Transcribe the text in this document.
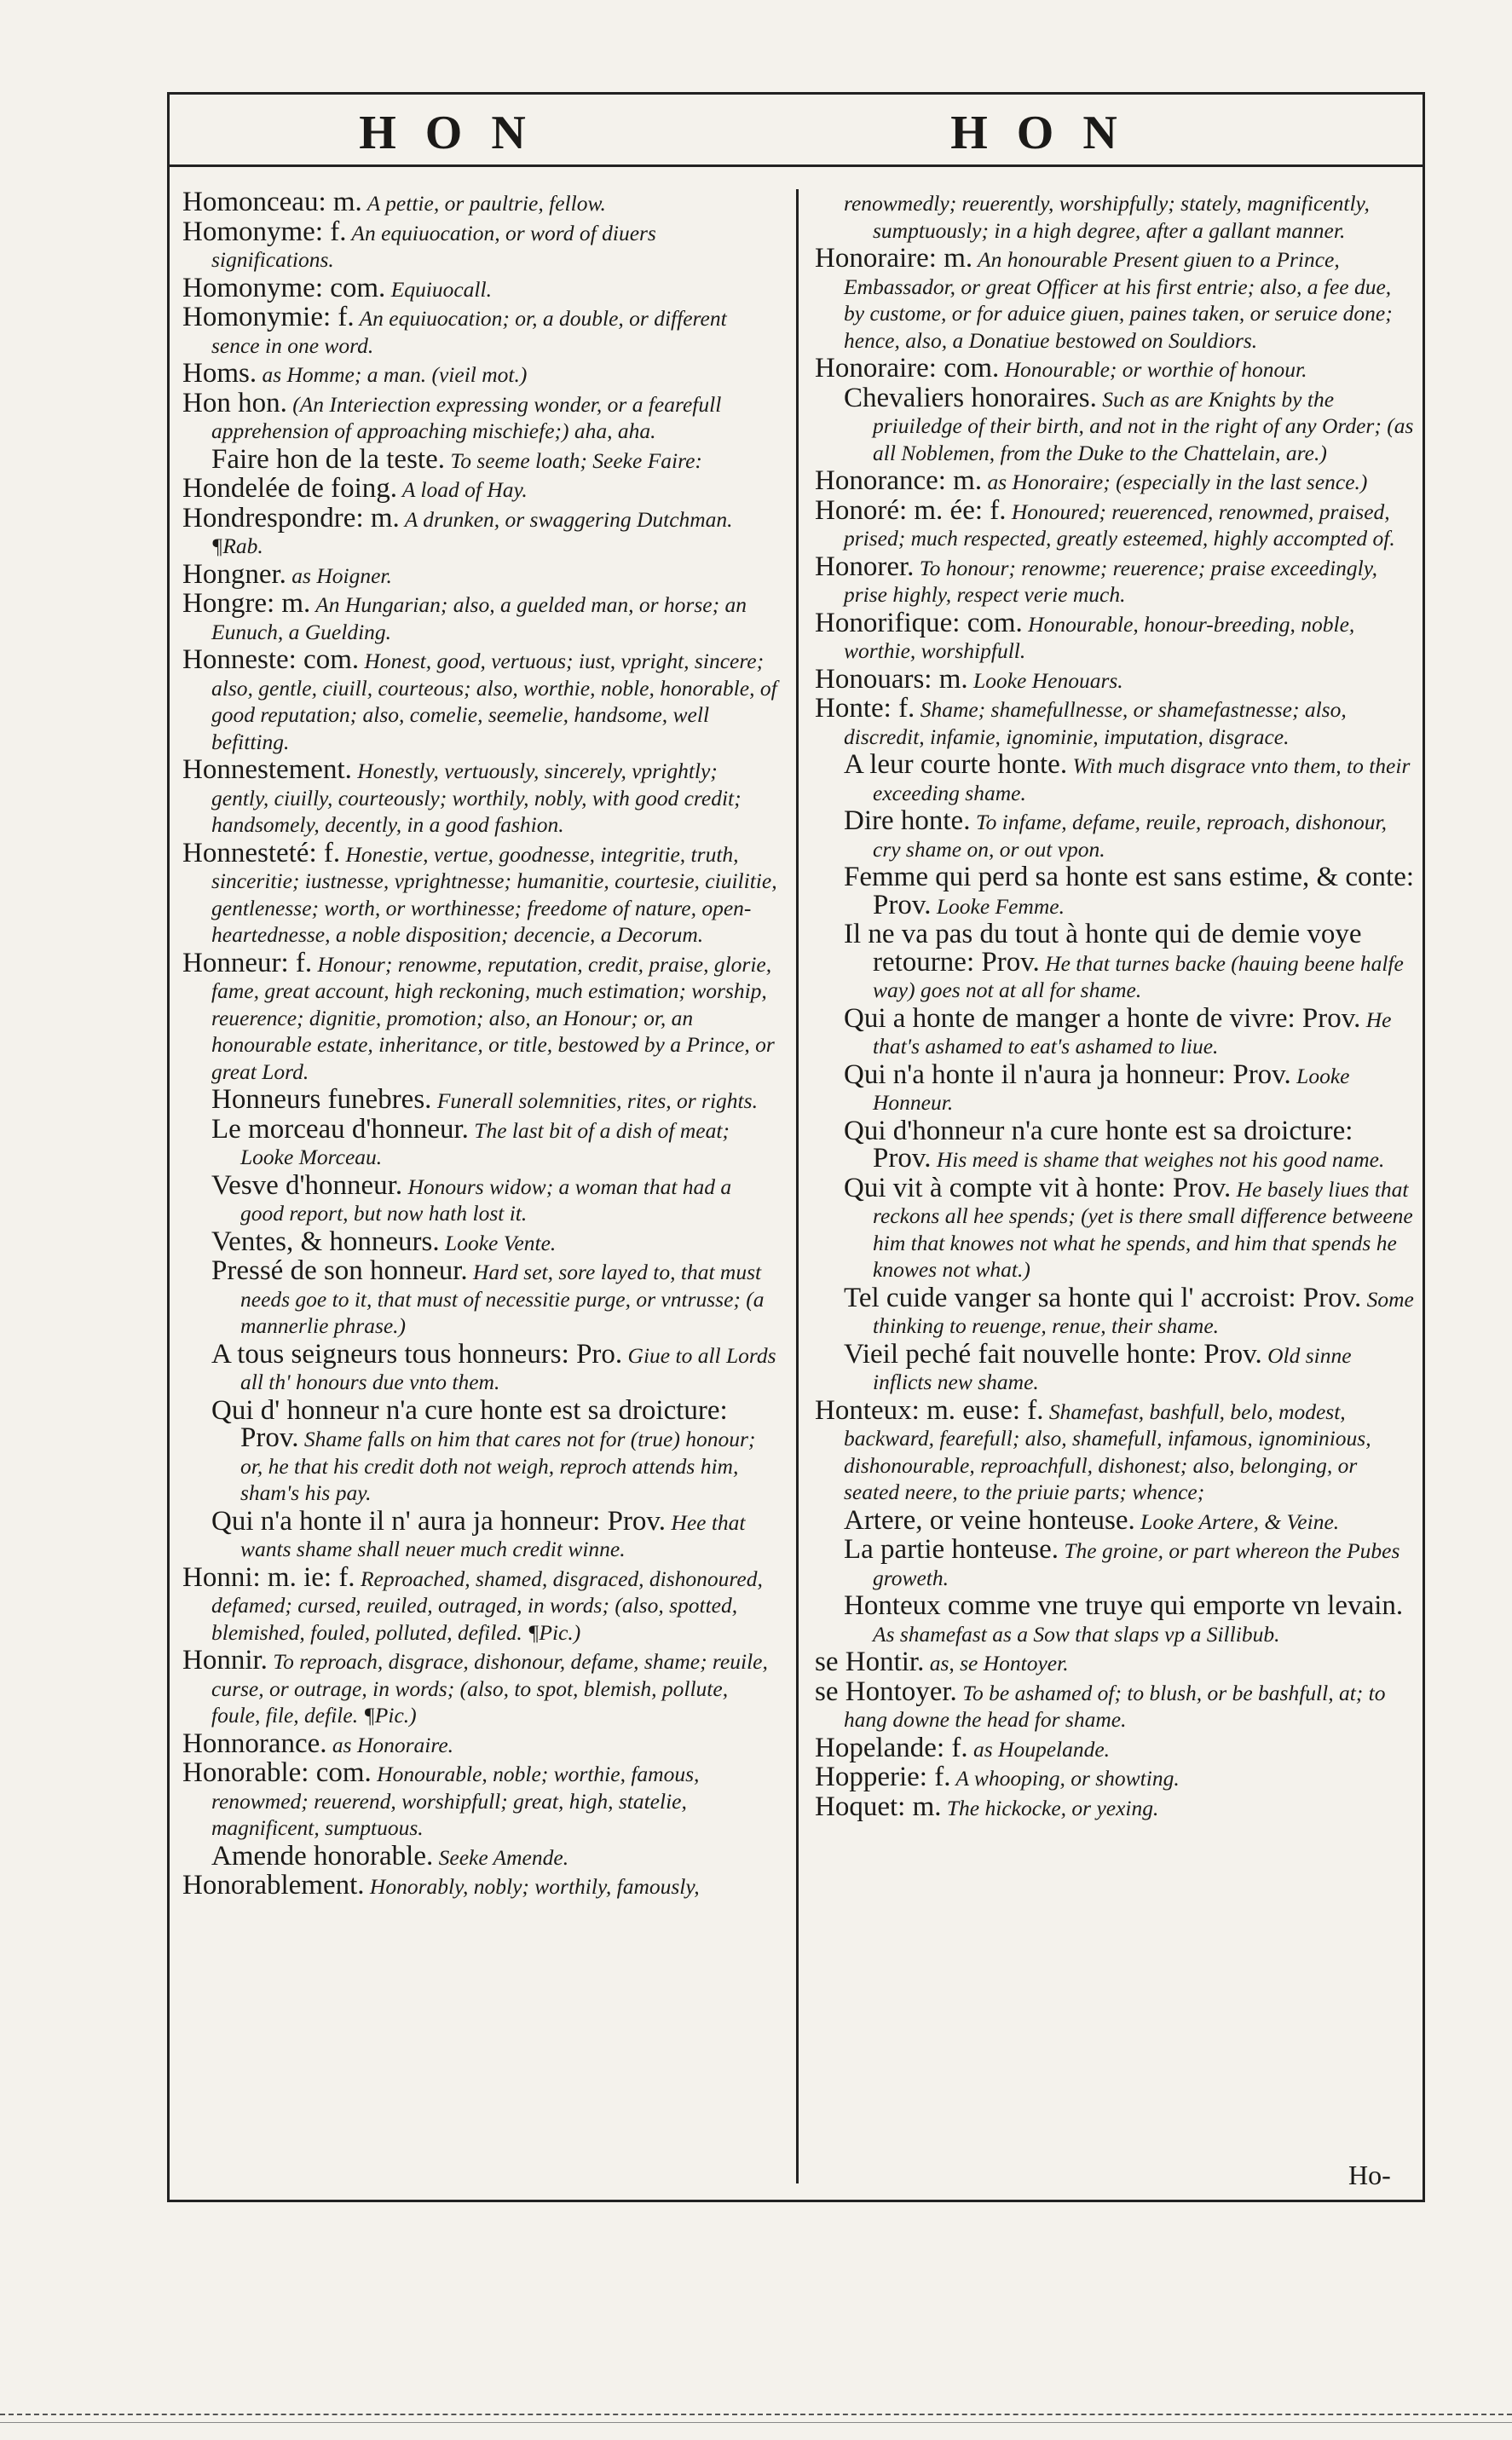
HON	HON
Homonceau: m. A pettie, or paultrie, fellow.
Homonyme: f. An equiuocation, or word of diuers significations.
Homonyme: com. Equiuocall.
Homonymie: f. An equiuocation; or, a double, or different sence in one word.
Homs. as Homme; a man. (vieil mot.)
Hon hon. (An Interiection expressing wonder, or a fearefull apprehension of approaching mischiefe;) aha, aha.
Faire hon de la teste. To seeme loath; Seeke Faire:
Hondelée de foing. A load of Hay.
Hondrespondre: m. A drunken, or swaggering Dutchman. ¶Rab.
Hongner. as Hoigner.
Hongre: m. An Hungarian; also, a guelded man, or horse; an Eunuch, a Guelding.
Honneste: com. Honest, good, vertuous; iust, vpright, sincere; also, gentle, ciuill, courteous; also, worthie, noble, honorable, of good reputation; also, comelie, seemelie, handsome, well befitting.
Honnestement. Honestly, vertuously, sincerely, vprightly; gently, ciuilly, courteously; worthily, nobly, with good credit; handsomely, decently, in a good fashion.
Honnesteté: f. Honestie, vertue, goodnesse, integritie, truth, sinceritie; iustnesse, vprightnesse; humanitie, courtesie, ciuilitie, gentlenesse; worth, or worthinesse; freedome of nature, open-heartednesse, a noble disposition; decencie, a Decorum.
Honneur: f. Honour; renowme, reputation, credit, praise, glorie, fame, great account, high reckoning, much estimation; worship, reuerence; dignitie, promotion; also, an Honour; or, an honourable estate, inheritance, or title, bestowed by a Prince, or great Lord.
Honneurs funebres. Funerall solemnities, rites, or rights.
Le morceau d'honneur. The last bit of a dish of meat; Looke Morceau.
Vesve d'honneur. Honours widow; a woman that had a good report, but now hath lost it.
Ventes, & honneurs. Looke Vente.
Pressé de son honneur. Hard set, sore layed to, that must needs goe to it, that must of necessitie purge, or vntrusse; (a mannerlie phrase.)
A tous seigneurs tous honneurs: Pro. Giue to all Lords all th' honours due vnto them.
Qui d' honneur n'a cure honte est sa droicture: Prov. Shame falls on him that cares not for (true) honour; or, he that his credit doth not weigh, reproch attends him, sham's his pay.
Qui n'a honte il n' aura ja honneur: Prov. Hee that wants shame shall neuer much credit winne.
Honni: m. ie: f. Reproached, shamed, disgraced, dishonoured, defamed; cursed, reuiled, outraged, in words; (also, spotted, blemished, fouled, polluted, defiled. ¶Pic.)
Honnir. To reproach, disgrace, dishonour, defame, shame; reuile, curse, or outrage, in words; (also, to spot, blemish, pollute, foule, file, defile. ¶Pic.)
Honnorance. as Honoraire.
Honorable: com. Honourable, noble; worthie, famous, renowmed; reuerend, worshipfull; great, high, statelie, magnificent, sumptuous.
Amende honorable. Seeke Amende.
Honorablement. Honorably, nobly; worthily, famously,
renowmedly; reuerently, worshipfully; stately, magnificently, sumptuously; in a high degree, after a gallant manner.
Honoraire: m. An honourable Present giuen to a Prince, Embassador, or great Officer at his first entrie; also, a fee due, by custome, or for aduice giuen, paines taken, or seruice done; hence, also, a Donatiue bestowed on Souldiors.
Honoraire: com. Honourable; or worthie of honour.
Chevaliers honoraires. Such as are Knights by the priuiledge of their birth, and not in the right of any Order; (as all Noblemen, from the Duke to the Chattelain, are.)
Honorance: m. as Honoraire; (especially in the last sence.)
Honoré: m. ée: f. Honoured; reuerenced, renowmed, praised, prised; much respected, greatly esteemed, highly accompted of.
Honorer. To honour; renowme; reuerence; praise exceedingly, prise highly, respect verie much.
Honorifique: com. Honourable, honour-breeding, noble, worthie, worshipfull.
Honouars: m. Looke Henouars.
Honte: f. Shame; shamefullnesse, or shamefastnesse; also, discredit, infamie, ignominie, imputation, disgrace.
A leur courte honte. With much disgrace vnto them, to their exceeding shame.
Dire honte. To infame, defame, reuile, reproach, dishonour, cry shame on, or out vpon.
Femme qui perd sa honte est sans estime, & conte: Prov. Looke Femme.
Il ne va pas du tout à honte qui de demie voye retourne: Prov. He that turnes backe (hauing beene halfe way) goes not at all for shame.
Qui a honte de manger a honte de vivre: Prov. He that's ashamed to eat's ashamed to liue.
Qui n'a honte il n'aura ja honneur: Prov. Looke Honneur.
Qui d'honneur n'a cure honte est sa droicture: Prov. His meed is shame that weighes not his good name.
Qui vit à compte vit à honte: Prov. He basely liues that reckons all hee spends; (yet is there small difference betweene him that knowes not what he spends, and him that spends he knowes not what.)
Tel cuide vanger sa honte qui l' accroist: Prov. Some thinking to reuenge, renue, their shame.
Vieil peché fait nouvelle honte: Prov. Old sinne inflicts new shame.
Honteux: m. euse: f. Shamefast, bashfull, belo, modest, backward, fearefull; also, shamefull, infamous, ignominious, dishonourable, reproachfull, dishonest; also, belonging, or seated neere, to the priuie parts; whence;
Artere, or veine honteuse. Looke Artere, & Veine.
La partie honteuse. The groine, or part whereon the Pubes groweth.
Honteux comme vne truye qui emporte vn levain. As shamefast as a Sow that slaps vp a Sillibub.
se Hontir. as, se Hontoyer.
se Hontoyer. To be ashamed of; to blush, or be bashfull, at; to hang downe the head for shame.
Hopelande: f. as Houpelande.
Hopperie: f. A whooping, or showting.
Hoquet: m. The hickocke, or yexing.
Ho-
